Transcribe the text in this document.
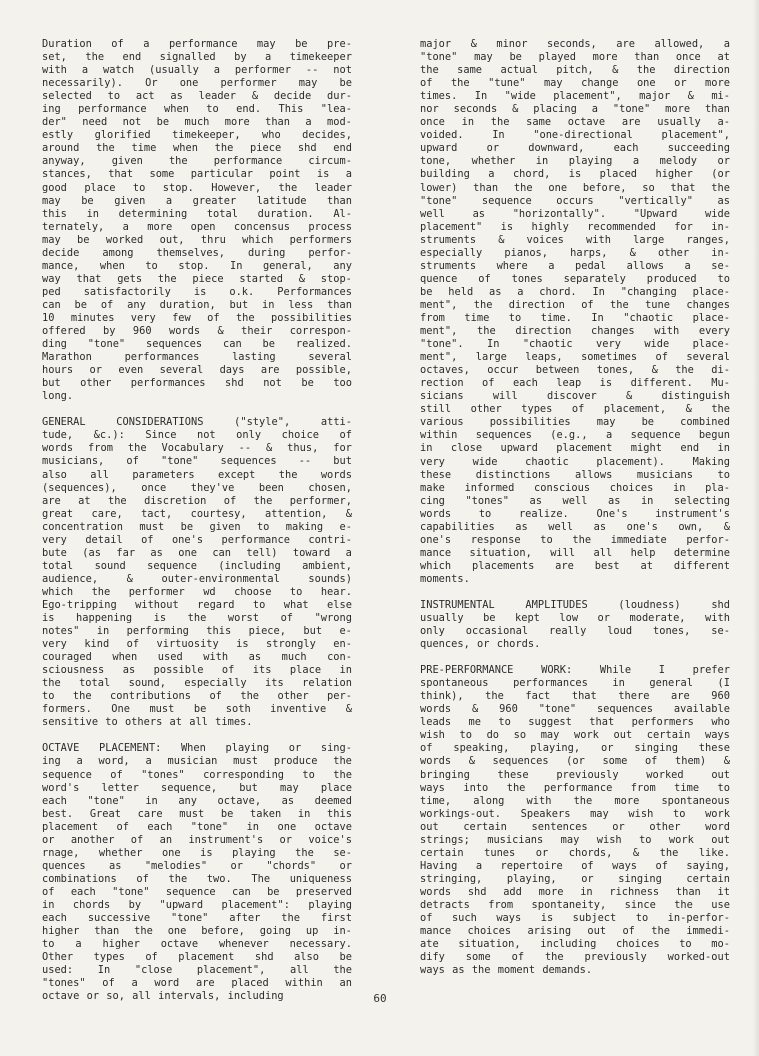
Duration of a performance may be pre-
set, the end signalled by a timekeeper
with a watch (usually a performer -- not
necessarily). Or one performer may be
selected to act as leader & decide dur-
ing performance when to end. This "lea-
der" need not be much more than a mod-
estly glorified timekeeper, who decides,
around the time when the piece shd end
anyway,	given	the	performance	circum-
stances, that some particular point is a
good place to stop. However, the leader
may be given a greater latitude than
this in determining total duration. Al-
ternately, a more open concensus process
may be worked out, thru which performers
decide among themselves, during perfor-
mance, when to stop. In general, any
way that gets the piece started & stop-
ped satisfactorily is o.k. Performances
can be of any duration, but in less than
10 minutes very few of the possibilities
offered by 960 words & their correspon-
ding "tone" sequences can be realized.
Marathon	performances	lasting	several
hours or even several days are possible,
but other performances shd not be too
long.
GENERAL	CONSIDERATIONS	("style",	atti-
tude, &c.): Since not only choice of
words from the Vocabulary -- & thus, for
musicians, of "tone" sequences -- but
also all parameters except the words
(sequences), once they've been chosen,
are at the discretion of the performer,
great care, tact, courtesy, attention, &
concentration must be given to making e-
very detail of one's performance contri-
bute (as far as one can tell) toward a
total sound sequence (including ambient,
audience,	&	outer-environmental	sounds)
which the performer wd choose to hear.
Ego-tripping without regard to what else
is happening is the worst of "wrong
notes" in performing this piece, but e-
very kind of virtuosity is strongly en-
couraged when used with as much con-
sciousness as possible of its place in
the total sound, especially its relation
to the contributions of the other per-
formers. One must be soth inventive &
sensitive to others at all times.
OCTAVE PLACEMENT: When playing or sing-
ing a word, a musician must produce the
sequence of "tones" corresponding to the
word's letter sequence, but may place
each "tone" in any octave, as deemed
best. Great care must be taken in this
placement of each "tone" in one octave
or another of an instrument's or voice's
rnage, whether one is playing the se-
quences as "melodies" or "chords" or
combinations of the two. The uniqueness
of each "tone" sequence can be preserved
in chords by "upward placement": playing
each successive "tone" after the first
higher than the one before, going up in-
to a higher octave whenever necessary.
Other types of placement shd also be
used: In "close placement", all the
"tones" of a word are placed within an
octave or so, all intervals, including
major & minor seconds, are allowed, a
"tone" may be played more than once at
the same actual pitch, & the direction
of the "tune" may change one or more
times. In "wide placement", major & mi-
nor seconds & placing a "tone" more than
once in the same octave are usually a-
voided.	In	"one-directional	placement",
upward	or	downward,	each	succeeding
tone, whether in playing a melody or
building a chord, is placed higher (or
lower) than the one before, so that the
"tone" sequence occurs "vertically" as
well	as	"horizontally".	"Upward	wide
placement" is highly recommended for in-
struments & voices with large ranges,
especially pianos, harps, & other in-
struments where a pedal allows a se-
quence of tones separately produced to
be held as a chord. In "changing place-
ment", the direction of the tune changes
from time to time. In "chaotic place-
ment", the direction changes with every
"tone". In "chaotic very wide place-
ment", large leaps, sometimes of several
octaves, occur between tones, & the di-
rection of each leap is different. Mu-
sicians	will	discover	&	distinguish
still other types of placement, & the
various	possibilities	may	be	combined
within sequences (e.g., a sequence begun
in close upward placement might end in
very	wide	chaotic	placement).	Making
these distinctions allows musicians to
make informed conscious choices in pla-
cing "tones" as well as in selecting
words	to	realize.	One's	instrument's
capabilities as well as one's own, &
one's response to the immediate perfor-
mance situation, will all help determine
which placements are best at different
moments.
INSTRUMENTAL	AMPLITUDES	(loudness)	shd
usually be kept low or moderate, with
only occasional really loud tones, se-
quences, or chords.
PRE-PERFORMANCE	WORK:	While	I	prefer
spontaneous performances in general (I
think), the fact that there are 960
words & 960 "tone" sequences available
leads me to suggest that performers who
wish to do so may work out certain ways
of speaking, playing, or singing these
words & sequences (or some of them) &
bringing	these	previously	worked	out
ways into the performance from time to
time, along with the more spontaneous
workings-out. Speakers may wish to work
out certain sentences or other word
strings; musicians may wish to work out
certain tunes or chords, & the like.
Having a repertoire of ways of saying,
stringing, playing, or singing certain
words shd add more in richness than it
detracts from spontaneity, since the use
of such ways is subject to in-perfor-
mance choices arising out of the immedi-
ate situation, including choices to mo-
dify some of the previously worked-out
ways as the moment demands.
60
